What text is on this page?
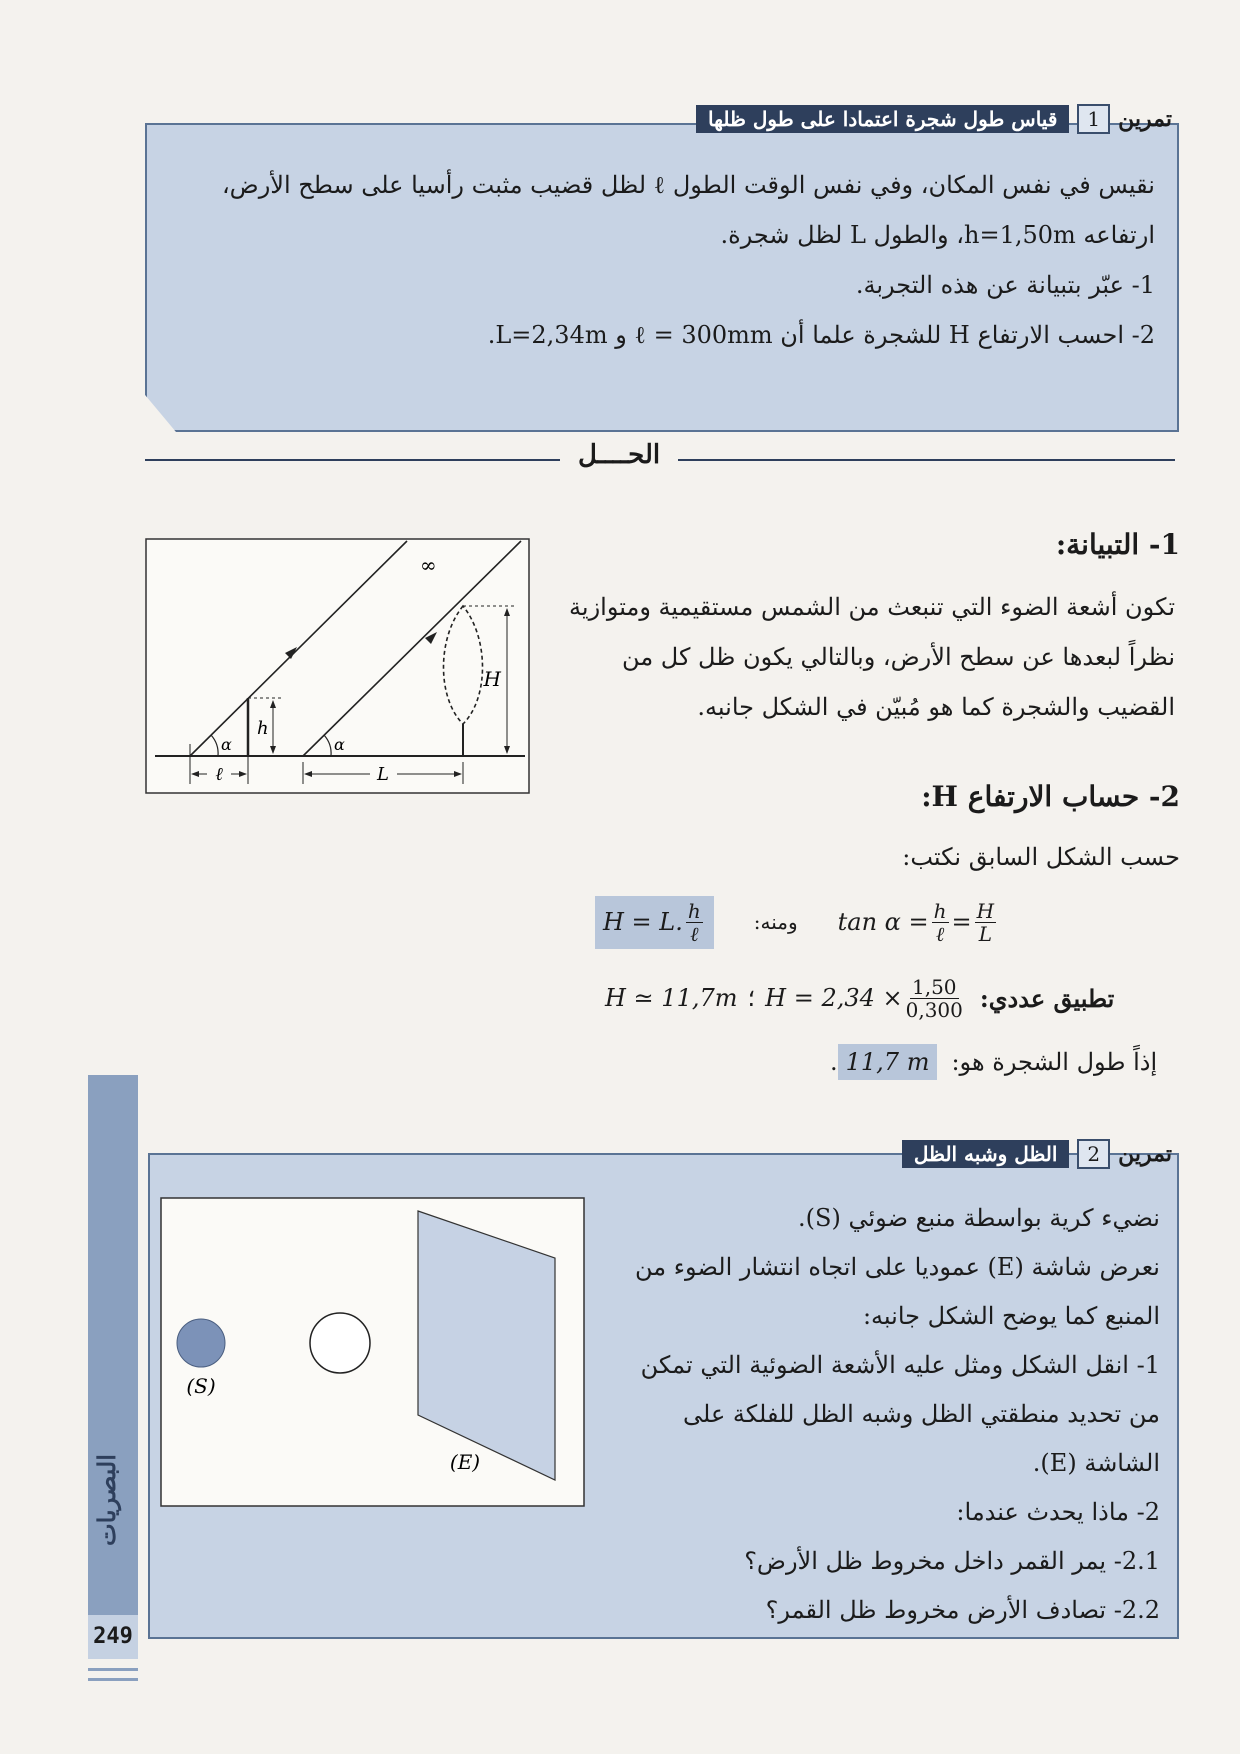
تمرين
1
قياس طول شجرة اعتمادا على طول ظلها
نقيس في نفس المكان، وفي نفس الوقت الطول ℓ لظل قضيب مثبت رأسيا على سطح الأرض،
ارتفاعه h=1,50m، والطول L لظل شجرة.
1- عبّر بتبيانة عن هذه التجربة.
2- احسب الارتفاع H للشجرة علما أن ℓ = 300mm و L=2,34m.
الحــــل
1- التبيانة:
تكون أشعة الضوء التي تنبعث من الشمس مستقيمية ومتوازية
نظراً لبعدها عن سطح الأرض، وبالتالي يكون ظل كل من
القضيب والشجرة كما هو مُبيّن في الشكل جانبه.
∞
H
h
α	α
ℓ	L
2- حساب الارتفاع H:
حسب الشكل السابق نكتب:
H = L. $\frac{h}{\text{ℓ}}$	ومنه: $\tan \alpha = \frac{h}{\text{ℓ}} = \frac{H}{L}$
H ≃ 11,7m ؛ $H = 2,34 \times \frac{1,50}{0,300}$ تطبيق عددي:
. 11,7 m إذاً طول الشجرة هو:
تمرين
2
الظل وشبه الظل
(S)
(E)
نضيء كرية بواسطة منبع ضوئي (S).
نعرض شاشة (E) عموديا على اتجاه انتشار الضوء من
المنبع كما يوضح الشكل جانبه:
1- انقل الشكل ومثل عليه الأشعة الضوئية التي تمكن
من تحديد منطقتي الظل وشبه الظل للفلكة على
الشاشة (E).
2- ماذا يحدث عندما:
2.1- يمر القمر داخل مخروط ظل الأرض؟
2.2- تصادف الأرض مخروط ظل القمر؟
البصريات
249
